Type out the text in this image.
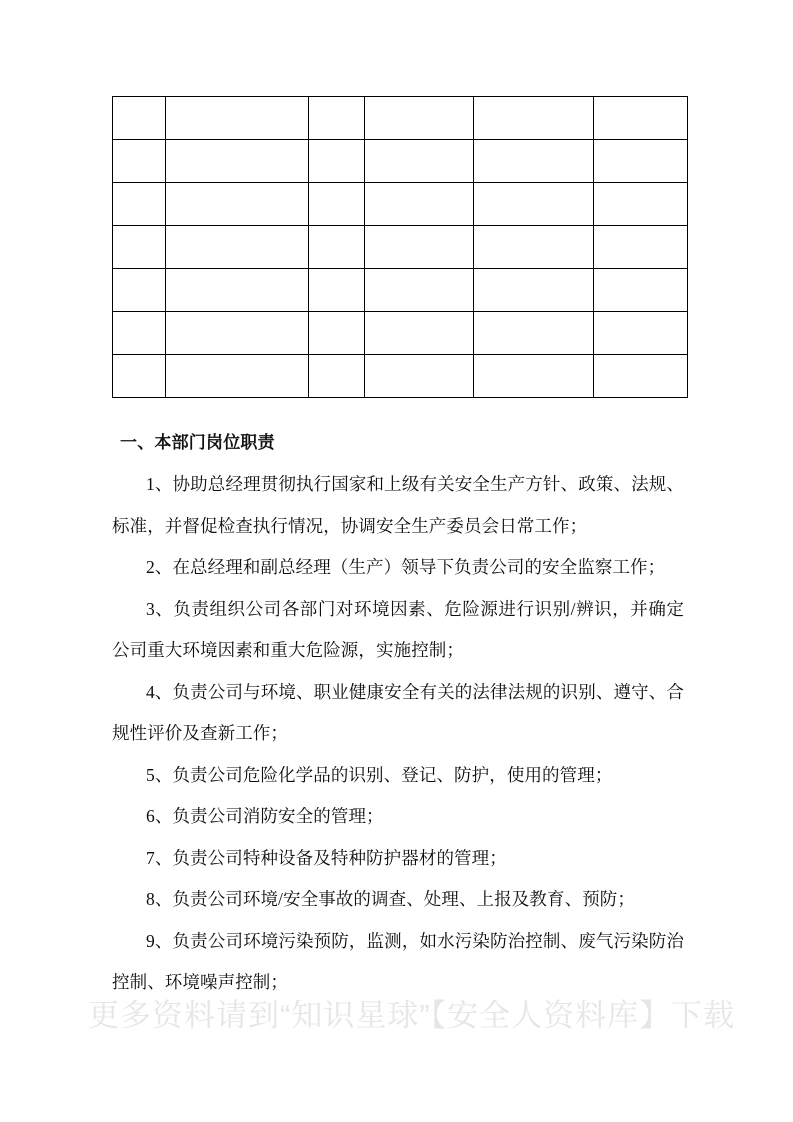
一、本部门岗位职责

1、协助总经理贯彻执行国家和上级有关安全生产方针、政策、法规、标准，并督促检查执行情况，协调安全生产委员会日常工作；

2、在总经理和副总经理（生产）领导下负责公司的安全监察工作；

3、负责组织公司各部门对环境因素、危险源进行识别/辨识，并确定公司重大环境因素和重大危险源，实施控制；

4、负责公司与环境、职业健康安全有关的法律法规的识别、遵守、合规性评价及查新工作；

5、负责公司危险化学品的识别、登记、防护，使用的管理；

6、负责公司消防安全的管理；

7、负责公司特种设备及特种防护器材的管理；

8、负责公司环境/安全事故的调查、处理、上报及教育、预防；

9、负责公司环境污染预防，监测，如水污染防治控制、废气污染防治控制、环境噪声控制；

更多资料请到“知识星球”【安全人资料库】下载
